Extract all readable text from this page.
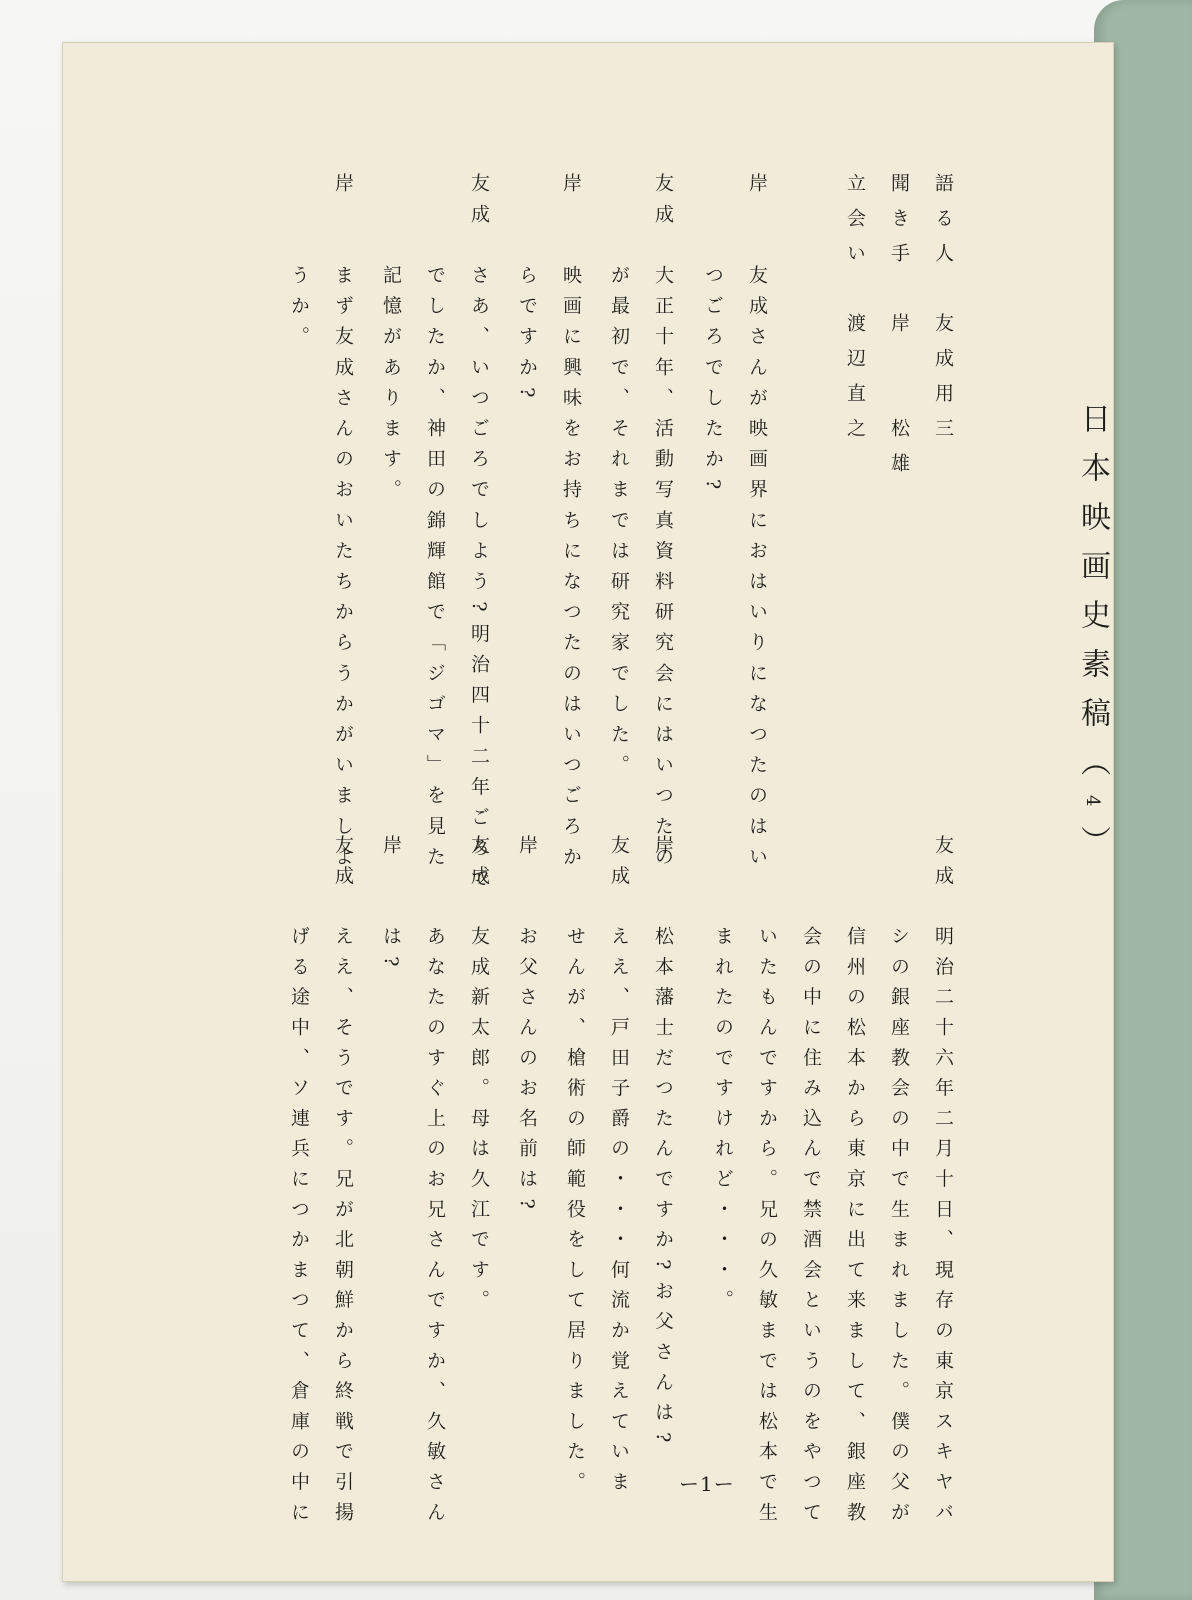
日本映画史素稿（4）
語る人　友成用三
聞き手　岸　　松雄
立会い　渡辺直之
岸　　友成さんが映画界におはいりになつたのはい
　　　つごろでしたか?
友成　大正十年、活動写真資料研究会にはいつたの
　　　が最初で、それまでは研究家でした。
岸　　映画に興味をお持ちになつたのはいつごろか
　　　らですか?
友成　さあ、いつごろでしよう?明治四十二年ごろで
　　　でしたか、神田の錦輝館で「ジゴマ」を見た
　　　記憶があります。
岸　　まず友成さんのおいたちからうかがいましよ
　　　うか。
友成　明治二十六年二月十日、現存の東京スキヤバ
　　　シの銀座教会の中で生まれました。僕の父が
　　　信州の松本から東京に出て来まして、銀座教
　　　会の中に住み込んで禁酒会というのをやつて
　　　いたもんですから。兄の久敏までは松本で生
　　　まれたのですけれど・・・。
岸　　松本藩士だつたんですか?お父さんは?
友成　ええ、戸田子爵の・・・何流か覚えていま
　　　せんが、槍術の師範役をして居りました。
岸　　お父さんのお名前は?
友成　友成新太郎。母は久江です。
　　　あなたのすぐ上のお兄さんですか、久敏さん
岸　　は?
友成　ええ、そうです。兄が北朝鮮から終戦で引揚
　　　げる途中、ソ連兵につかまつて、倉庫の中に	ー1ー
